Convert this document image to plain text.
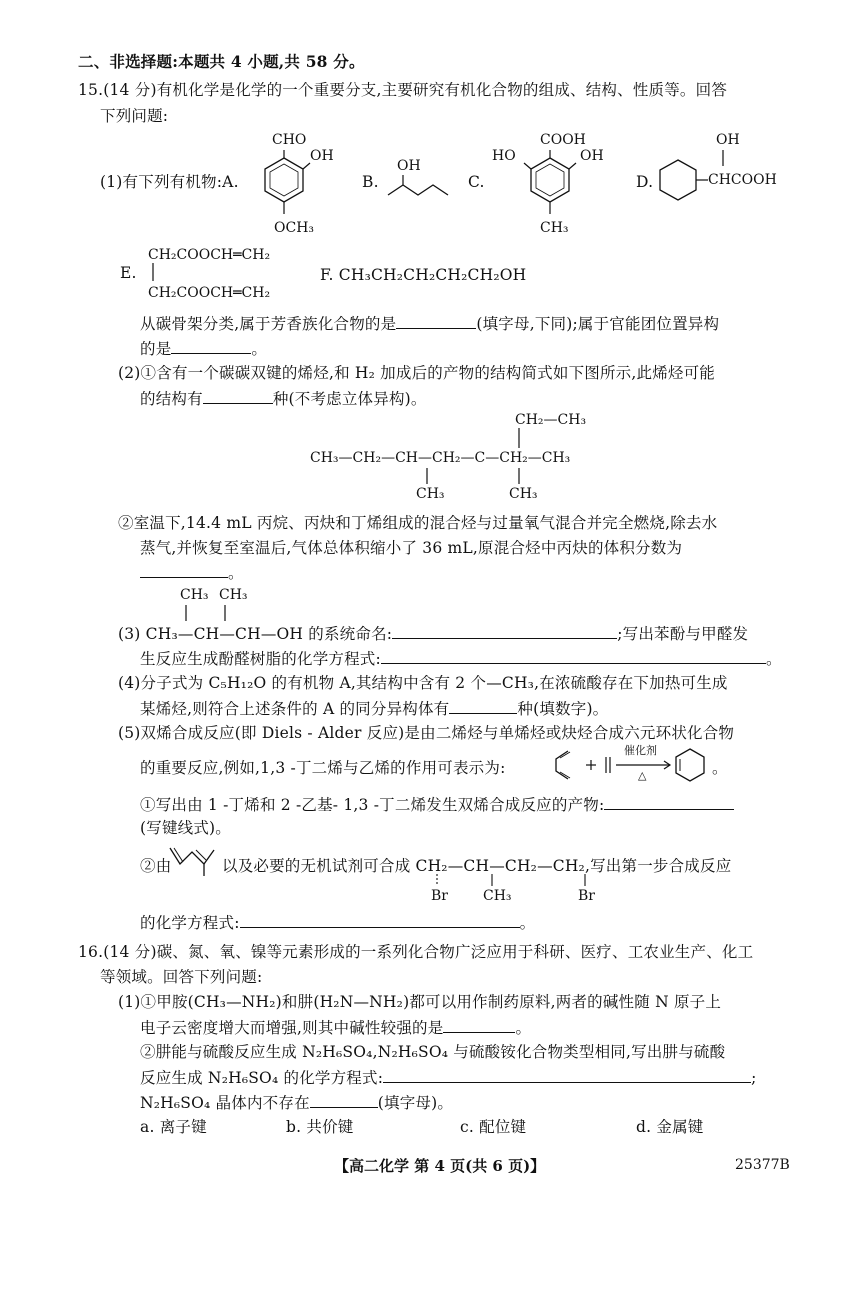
二、非选择题:本题共 4 小题,共 58 分。
15.(14 分)有机化学是化学的一个重要分支,主要研究有机化合物的组成、结构、性质等。回答
下列问题:
(1)有下列有机物:A.
CHO
OH
OCH₃
B.
OH
C.
COOH
HO	OH
CH₃
D.
OH
CHCOOH
CH₂COOCH═CH₂
E.
CH₂COOCH═CH₂
F. CH₃CH₂CH₂CH₂CH₂OH
从碳骨架分类,属于芳香族化合物的是	(填字母,下同);属于官能团位置异构
的是	。
(2)①含有一个碳碳双键的烯烃,和 H₂ 加成后的产物的结构简式如下图所示,此烯烃可能
的结构有	种(不考虑立体异构)。
CH₂—CH₃
CH₃—CH₂—CH—CH₂—C—CH₂—CH₃
CH₃	CH₃
②室温下,14.4 mL 丙烷、丙炔和丁烯组成的混合烃与过量氧气混合并完全燃烧,除去水
蒸气,并恢复至室温后,气体总体积缩小了 36 mL,原混合烃中丙炔的体积分数为
。
CH₃ CH₃
(3) CH₃—CH—CH—OH 的系统命名:	;写出苯酚与甲醛发
生反应生成酚醛树脂的化学方程式:	。
(4)分子式为 C₅H₁₂O 的有机物 A,其结构中含有 2 个—CH₃,在浓硫酸存在下加热可生成
某烯烃,则符合上述条件的 A 的同分异构体有	种(填数字)。
(5)双烯合成反应(即 Diels - Alder 反应)是由二烯烃与单烯烃或炔烃合成六元环状化合物
的重要反应,例如,1,3 -丁二烯与乙烯的作用可表示为:
催化剂
△	。
①写出由 1 -丁烯和 2 -乙基- 1,3 -丁二烯发生双烯合成反应的产物:
(写键线式)。
②由	以及必要的无机试剂可合成 CH₂—CH—CH₂—CH₂,写出第一步合成反应
Br	CH₃	Br
的化学方程式:	。
16.(14 分)碳、氮、氧、镍等元素形成的一系列化合物广泛应用于科研、医疗、工农业生产、化工
等领域。回答下列问题:
(1)①甲胺(CH₃—NH₂)和肼(H₂N—NH₂)都可以用作制药原料,两者的碱性随 N 原子上
电子云密度增大而增强,则其中碱性较强的是	。
②肼能与硫酸反应生成 N₂H₆SO₄,N₂H₆SO₄ 与硫酸铵化合物类型相同,写出肼与硫酸
反应生成 N₂H₆SO₄ 的化学方程式:	;
N₂H₆SO₄ 晶体内不存在	(填字母)。
a. 离子键	b. 共价键	c. 配位键	d. 金属键
【高二化学 第 4 页(共 6 页)】	25377B
